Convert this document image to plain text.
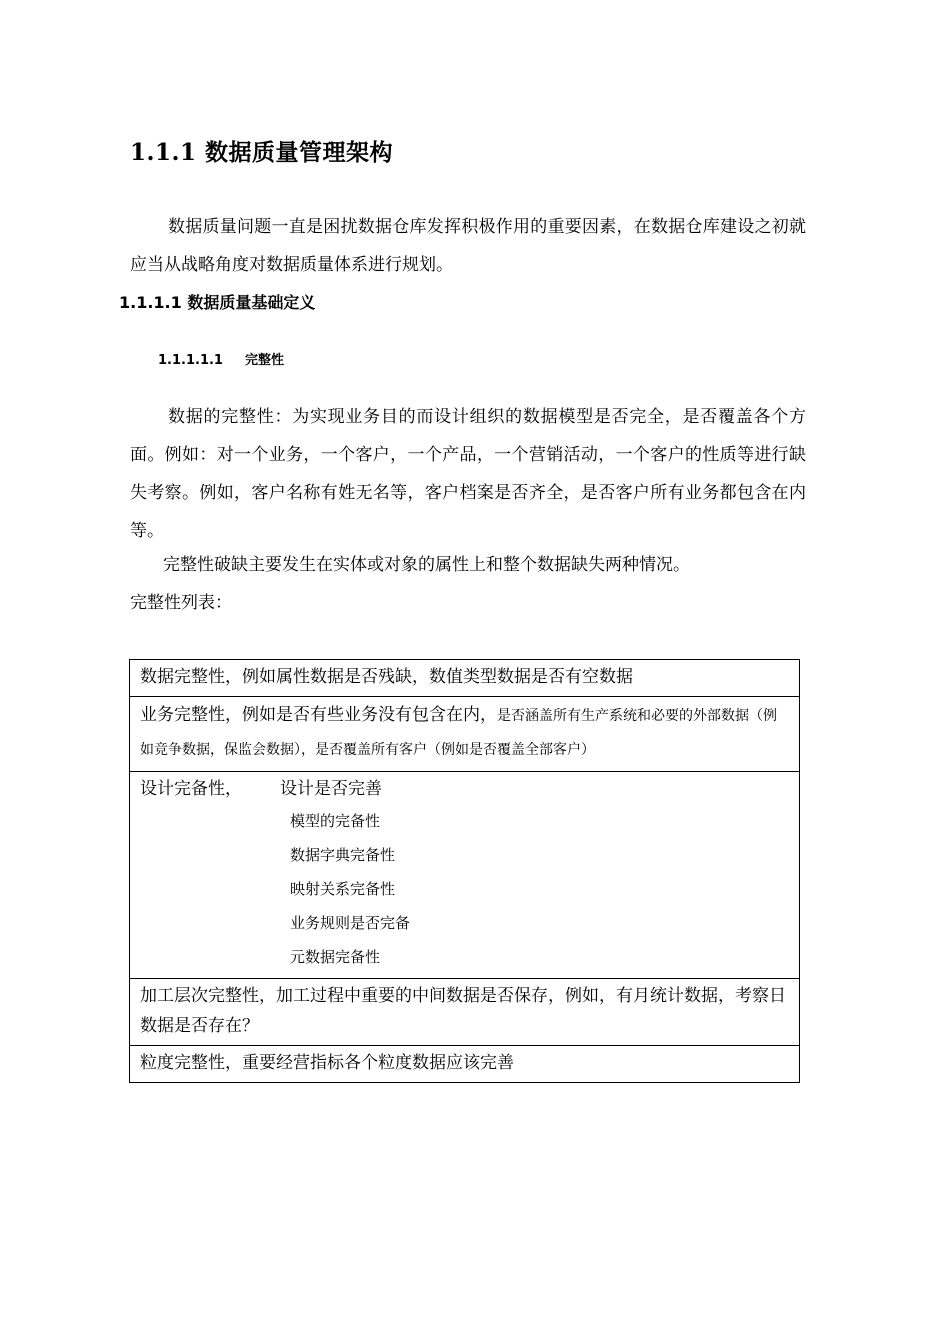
1.1.1 数据质量管理架构
数据质量问题一直是困扰数据仓库发挥积极作用的重要因素，在数据仓库建设之初就应当从战略角度对数据质量体系进行规划。
1.1.1.1 数据质量基础定义
1.1.1.1.1 完整性
数据的完整性：为实现业务目的而设计组织的数据模型是否完全，是否覆盖各个方面。例如：对一个业务，一个客户，一个产品，一个营销活动，一个客户的性质等进行缺失考察。例如，客户名称有姓无名等，客户档案是否齐全，是否客户所有业务都包含在内等。
完整性破缺主要发生在实体或对象的属性上和整个数据缺失两种情况。
完整性列表：
数据完整性，例如属性数据是否残缺，数值类型数据是否有空数据
业务完整性，例如是否有些业务没有包含在内，是否涵盖所有生产系统和必要的外部数据（例如竞争数据，保监会数据），是否覆盖所有客户（例如是否覆盖全部客户）

设计完备性， 设计是否完善
模型的完备性
数据字典完备性
映射关系完备性
业务规则是否完备
元数据完备性

加工层次完整性，加工过程中重要的中间数据是否保存，例如，有月统计数据，考察日数据是否存在？
粒度完整性，重要经营指标各个粒度数据应该完善
